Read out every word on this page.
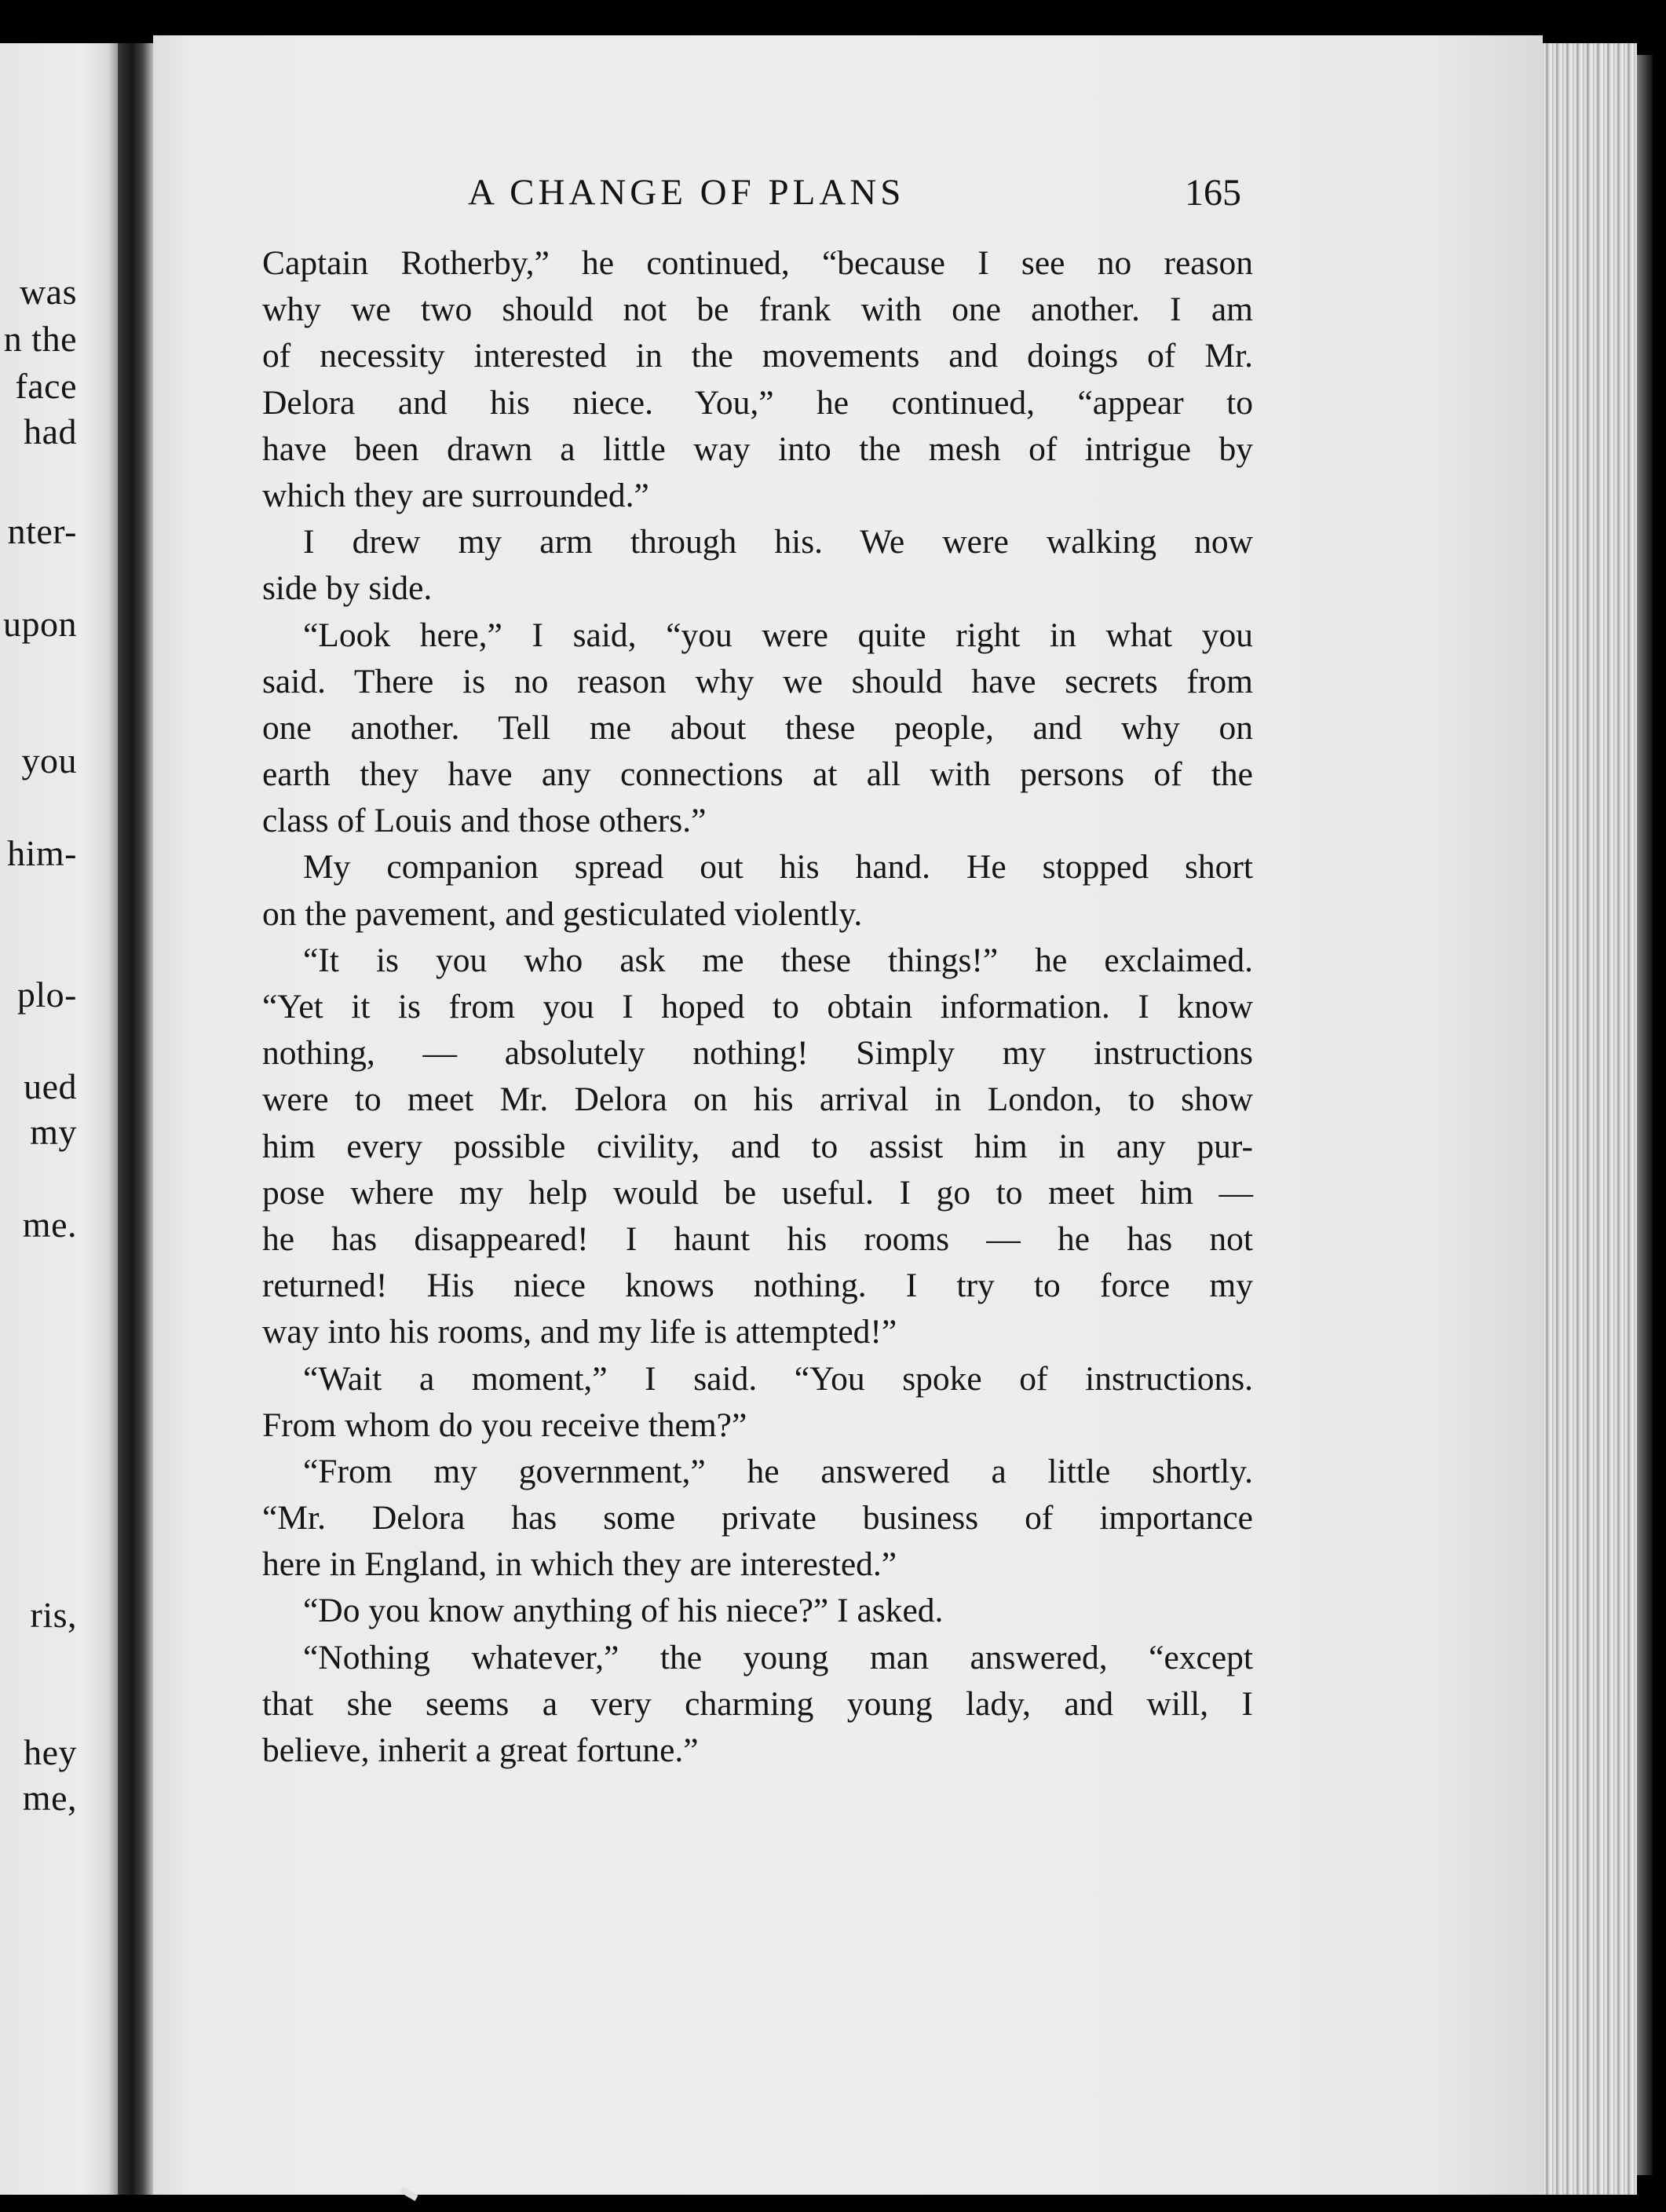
was
n the
face
had
nter-
upon
you
him-
plo-
ued
my
me.
ris,
hey
me,
A CHANGE OF PLANS	165
Captain Rotherby,” he continued, “because I see no reason
why we two should not be frank with one another. I am
of necessity interested in the movements and doings of Mr.
Delora and his niece. You,” he continued, “appear to
have been drawn a little way into the mesh of intrigue by
which they are surrounded.”
I drew my arm through his. We were walking now
side by side.
“Look here,” I said, “you were quite right in what you
said. There is no reason why we should have secrets from
one another. Tell me about these people, and why on
earth they have any connections at all with persons of the
class of Louis and those others.”
My companion spread out his hand. He stopped short
on the pavement, and gesticulated violently.
“It is you who ask me these things!” he exclaimed.
“Yet it is from you I hoped to obtain information. I know
nothing, — absolutely nothing! Simply my instructions
were to meet Mr. Delora on his arrival in London, to show
him every possible civility, and to assist him in any pur-
pose where my help would be useful. I go to meet him —
he has disappeared! I haunt his rooms — he has not
returned! His niece knows nothing. I try to force my
way into his rooms, and my life is attempted!”
“Wait a moment,” I said. “You spoke of instructions.
From whom do you receive them?”
“From my government,” he answered a little shortly.
“Mr. Delora has some private business of importance
here in England, in which they are interested.”
“Do you know anything of his niece?” I asked.
“Nothing whatever,” the young man answered, “except
that she seems a very charming young lady, and will, I
believe, inherit a great fortune.”
